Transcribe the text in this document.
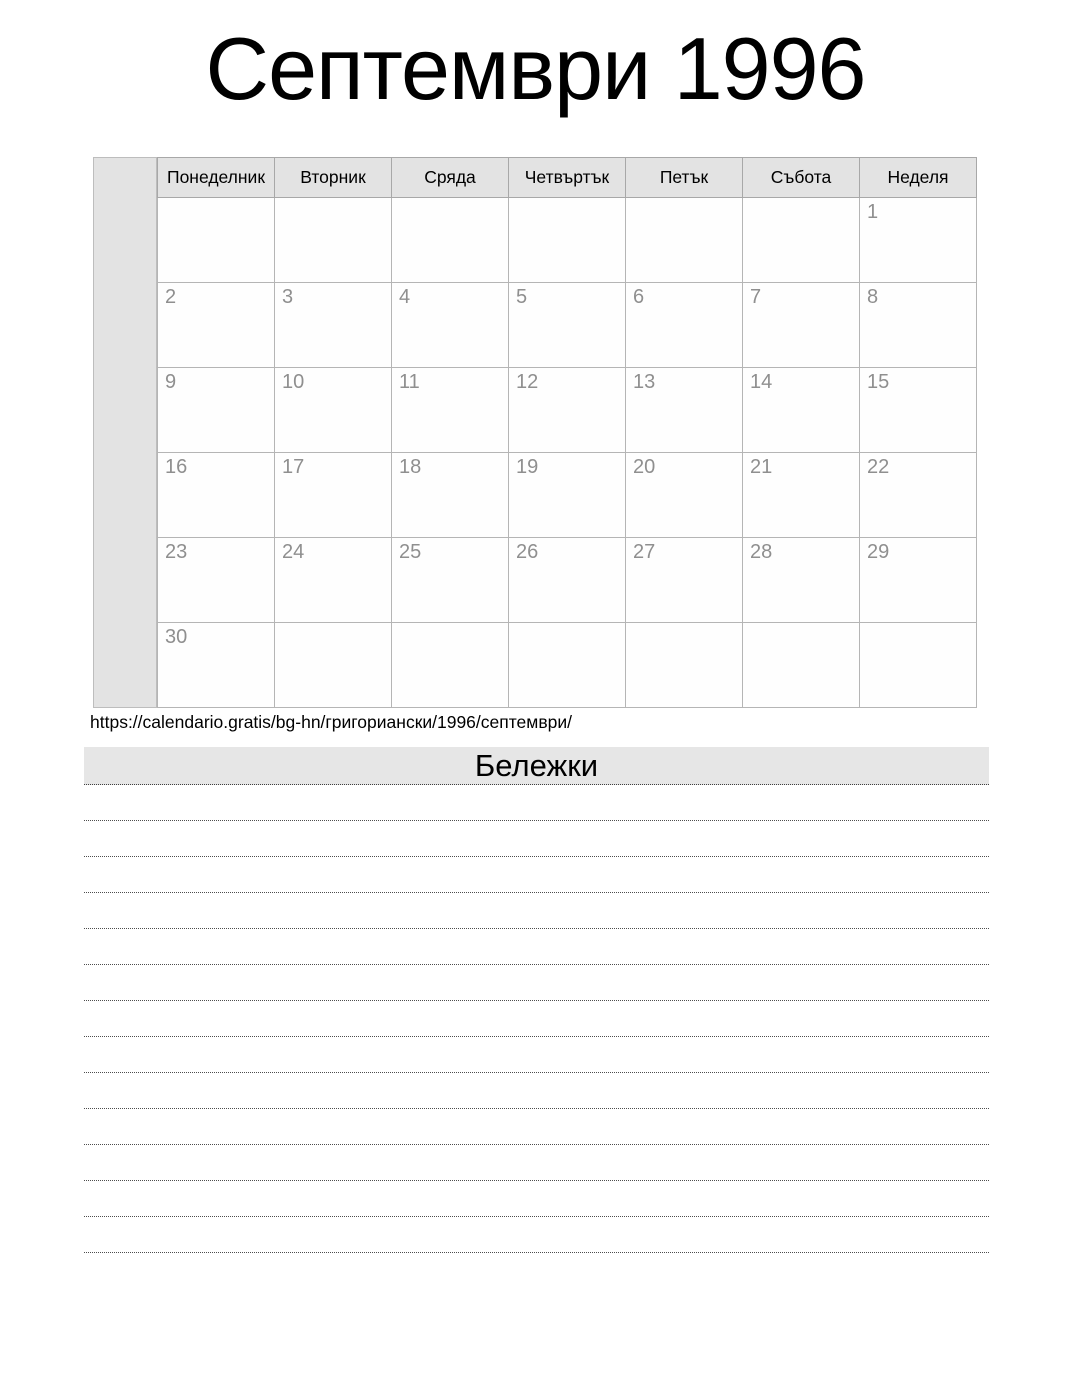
Септември 1996
Понеделник	Вторник	Сряда	Четвъртък	Петък	Събота	Неделя
						1
2	3	4	5	6	7	8
9	10	11	12	13	14	15
16	17	18	19	20	21	22
23	24	25	26	27	28	29
30						
https://calendario.gratis/bg-hn/григориански/1996/септември/
Бележки
